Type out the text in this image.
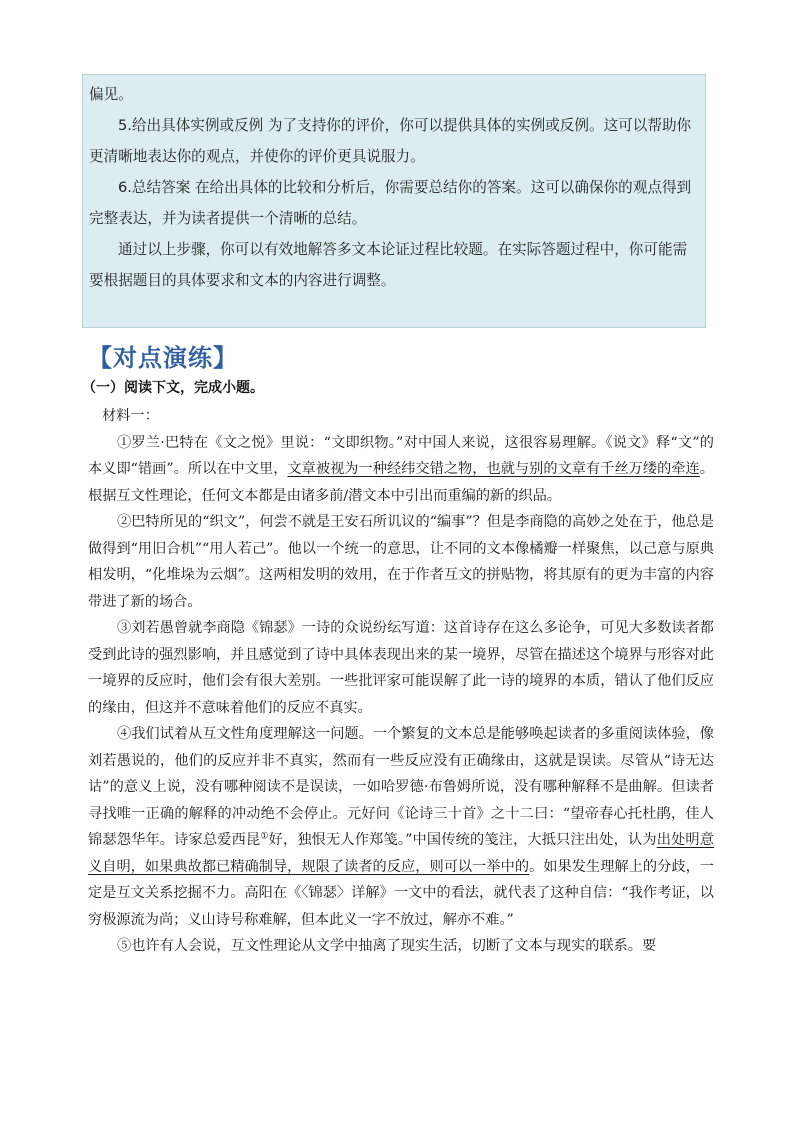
偏见。

5.给出具体实例或反例 为了支持你的评价，你可以提供具体的实例或反例。这可以帮助你更清晰地表达你的观点，并使你的评价更具说服力。

6.总结答案 在给出具体的比较和分析后，你需要总结你的答案。这可以确保你的观点得到完整表达，并为读者提供一个清晰的总结。

通过以上步骤，你可以有效地解答多文本论证过程比较题。在实际答题过程中，你可能需要根据题目的具体要求和文本的内容进行调整。

【对点演练】
（一）阅读下文，完成小题。

材料一：

①罗兰·巴特在《文之悦》里说：“文即织物。”对中国人来说，这很容易理解。《说文》释“文”的本义即“错画”。所以在中文里，文章被视为一种经纬交错之物，也就与别的文章有千丝万缕的牵连。根据互文性理论，任何文本都是由诸多前/潜文本中引出而重编的新的织品。

②巴特所见的“织文”，何尝不就是王安石所讥议的“编事”？但是李商隐的高妙之处在于，他总是做得到“用旧合机”“用人若己”。他以一个统一的意思，让不同的文本像橘瓣一样聚焦，以己意与原典相发明，“化堆垛为云烟”。这两相发明的效用，在于作者互文的拼贴物，将其原有的更为丰富的内容带进了新的场合。

③刘若愚曾就李商隐《锦瑟》一诗的众说纷纭写道：这首诗存在这么多论争，可见大多数读者都受到此诗的强烈影响，并且感觉到了诗中具体表现出来的某一境界，尽管在描述这个境界与形容对此一境界的反应时，他们会有很大差别。一些批评家可能误解了此一诗的境界的本质，错认了他们反应的缘由，但这并不意味着他们的反应不真实。

④我们试着从互文性角度理解这一问题。一个繁复的文本总是能够唤起读者的多重阅读体验，像刘若愚说的，他们的反应并非不真实，然而有一些反应没有正确缘由，这就是误读。尽管从“诗无达诂”的意义上说，没有哪种阅读不是误读，一如哈罗德·布鲁姆所说，没有哪种解释不是曲解。但读者寻找唯一正确的解释的冲动绝不会停止。元好问《论诗三十首》之十二曰：“望帝春心托杜鹃，佳人锦瑟怨华年。诗家总爱西昆①好，独恨无人作郑笺。”中国传统的笺注，大抵只注出处，认为出处明意义自明，如果典故都已精确制导，规限了读者的反应，则可以一举中的。如果发生理解上的分歧，一定是互文关系挖掘不力。高阳在《〈锦瑟〉详解》一文中的看法，就代表了这种自信：“我作考证，以穷极源流为尚；义山诗号称难解，但本此义一字不放过，解亦不难。”

⑤也许有人会说，互文性理论从文学中抽离了现实生活，切断了文本与现实的联系。要
